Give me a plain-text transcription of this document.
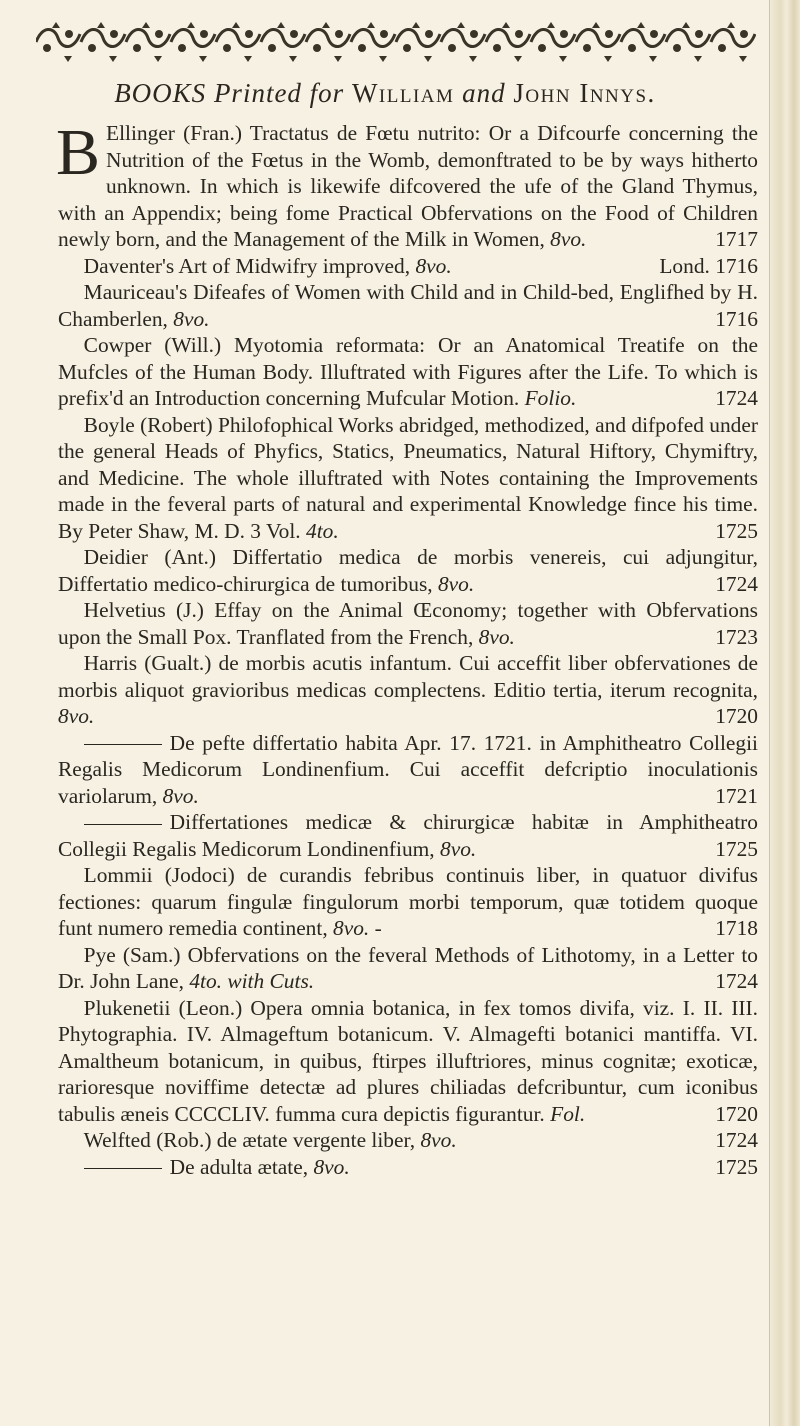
BOOKS Printed for William and John Innys.

B Ellinger (Fran.) Tractatus de Fœtu nutrito: Or a Difcourfe concerning the Nutrition of the Fœtus in the Womb, demonftrated to be by ways hitherto unknown. In which is likewife difcovered the ufe of the Gland Thymus, with an Appendix; being fome Practical Obfervations on the Food of Children newly born, and the Management of the Milk in Women, 8vo.	1717

Daventer's Art of Midwifry improved, 8vo.	Lond. 1716

Mauriceau's Difeafes of Women with Child and in Child-bed, Englifhed by H. Chamberlen, 8vo.	1716

Cowper (Will.) Myotomia reformata: Or an Anatomical Treatife on the Mufcles of the Human Body. Illuftrated with Figures after the Life. To which is prefix'd an Introduction concerning Mufcular Motion. Folio.	1724

Boyle (Robert) Philofophical Works abridged, methodized, and difpofed under the general Heads of Phyfics, Statics, Pneumatics, Natural Hiftory, Chymiftry, and Medicine. The whole illuftrated with Notes containing the Improvements made in the feveral parts of natural and experimental Knowledge fince his time. By Peter Shaw, M. D. 3 Vol. 4to.	1725

Deidier (Ant.) Differtatio medica de morbis venereis, cui adjungitur, Differtatio medico-chirurgica de tumoribus, 8vo.	1724

Helvetius (J.) Effay on the Animal Œconomy; together with Obfervations upon the Small Pox. Tranflated from the French, 8vo.	1723

Harris (Gualt.) de morbis acutis infantum. Cui acceffit liber obfervationes de morbis aliquot gravioribus medicas complectens. Editio tertia, iterum recognita, 8vo.	1720

De pefte differtatio habita Apr. 17. 1721. in Amphitheatro Collegii Regalis Medicorum Londinenfium. Cui acceffit defcriptio inoculationis variolarum, 8vo.	1721

Differtationes medicæ & chirurgicæ habitæ in Amphitheatro Collegii Regalis Medicorum Londinenfium, 8vo.	1725

Lommii (Jodoci) de curandis febribus continuis liber, in quatuor divifus fectiones: quarum fingulæ fingulorum morbi temporum, quæ totidem quoque funt numero remedia continent, 8vo. -	1718

Pye (Sam.) Obfervations on the feveral Methods of Lithotomy, in a Letter to Dr. John Lane, 4to. with Cuts.	1724

Plukenetii (Leon.) Opera omnia botanica, in fex tomos divifa, viz. I. II. III. Phytographia. IV. Almageftum botanicum. V. Almagefti botanici mantiffa. VI. Amaltheum botanicum, in quibus, ftirpes illuftriores, minus cognitæ; exoticæ, rarioresque noviffime detectæ ad plures chiliadas defcribuntur, cum iconibus tabulis æneis CCCCLIV. fumma cura depictis figurantur. Fol.	1720

Welfted (Rob.) de ætate vergente liber, 8vo.	1724

De adulta ætate, 8vo.	1725
